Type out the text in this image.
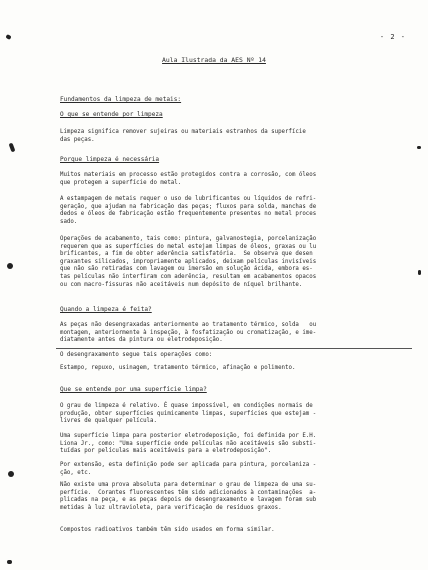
- 2 -
Aula Ilustrada da AES Nº 14
Fundamentos da limpeza de metais:
O que se entende por limpeza
Limpeza significa remover sujeiras ou materiais estranhos da superfície
das peças.
Porque limpeza é necessária
Muitos materiais em processo estão protegidos contra a corrosão, com óleos
que protegem a superfície do metal.
A estampagem de metais requer o uso de lubrificantes ou líquidos de refri-
geração, que ajudam na fabricação das peças; fluxos para solda, manchas de
dedos e óleos de fabricação estão frequentemente presentes no metal proces
sado.
Operações de acabamento, tais como: pintura, galvanostegia, porcelanização
requerem que as superfícies do metal estejam limpas de óleos, graxas ou lu
brificantes, a fim de obter aderência satisfatória.  Se observa que desen
graxantes silicados, impropriamente aplicados, deixam películas invisíveis
que não são retiradas com lavagem ou imersão em solução ácida, embora es-
tas películas não interfiram com aderência, resultam em acabamentos opacos
ou com macro-fissuras não aceitáveis num depósito de níquel brilhante.
Quando a limpeza é feita?
As peças não desengraxadas anteriormente ao tratamento térmico, solda   ou
montagem, anteriormente à inspeção, à fosfatização ou cromatização, e ime-
diatamente antes da pintura ou eletrodeposição.
O desengraxamento segue tais operações como:
Estampo, repuxo, usinagem, tratamento térmico, afinação e polimento.
Que se entende por uma superfície limpa?
O grau de limpeza é relativo. É quase impossível, em condições normais de
produção, obter superfícies quimicamente limpas, superfícies que estejam -
livres de qualquer película.
Uma superfície limpa para posterior eletrodeposição, foi definida por E.H.
Liona Jr., como: "Uma superfície onde películas não aceitáveis são substi-
tuídas por películas mais aceitáveis para a eletrodeposição".
Por extensão, esta definição pode ser aplicada para pintura, porcelaniza -
ção, etc.
Não existe uma prova absoluta para determinar o grau de limpeza de uma su-
perfície.  Corantes fluorescentes têm sido adicionados à contaminações  a-
plicadas na peça, e as peças depois de desengraxamento e lavagem foram sub
metidas à luz ultravioleta, para verificação de resíduos graxos.
Compostos radioativos também têm sido usados em forma similar.
